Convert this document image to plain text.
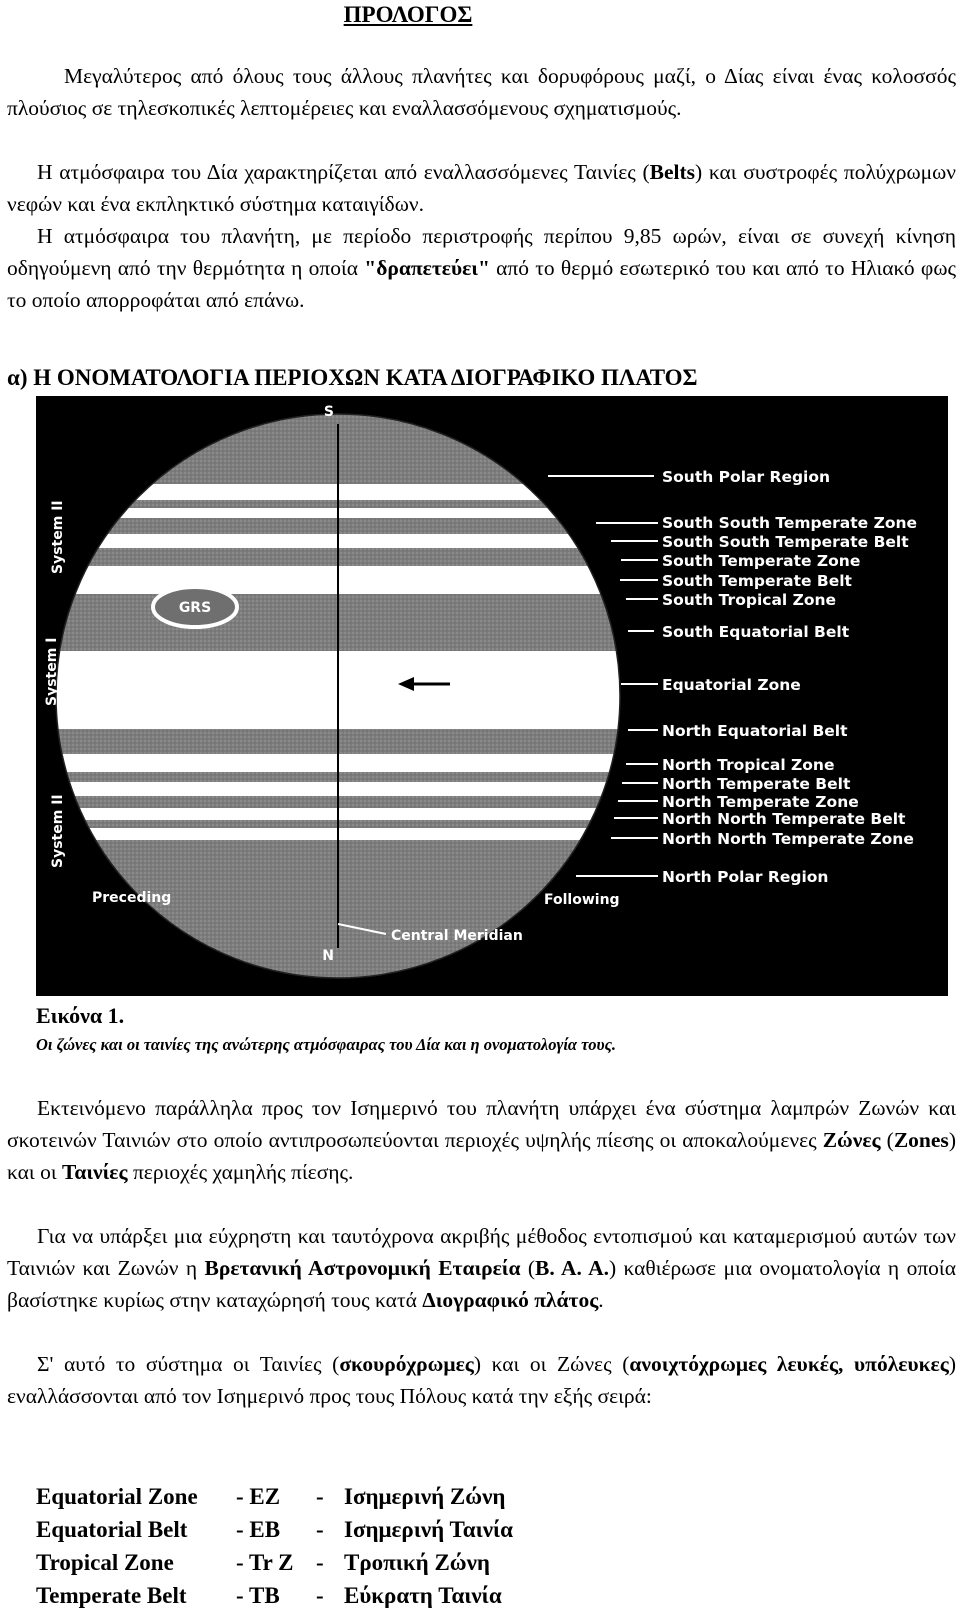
ΠΡΟΛΟΓΟΣ
Μεγαλύτερος από όλους τους άλλους πλανήτες και δορυφόρους μαζί, ο Δίας είναι ένας κολοσσός πλούσιος σε τηλεσκοπικές λεπτομέρειες και εναλλασσόμενους σχηματισμούς.
Η ατμόσφαιρα του Δία χαρακτηρίζεται από εναλλασσόμενες Ταινίες (Belts) και συστροφές πολύχρωμων νεφών και ένα εκπληκτικό σύστημα καταιγίδων.
Η ατμόσφαιρα του πλανήτη, με περίοδο περιστροφής περίπου 9,85 ωρών, είναι σε συνεχή κίνηση οδηγούμενη από την θερμότητα η οποία "δραπετεύει" από το θερμό εσωτερικό του και από το Ηλιακό φως το οποίο απορροφάται από επάνω.
α) Η ΟΝΟΜΑΤΟΛΟΓΙΑ ΠΕΡΙΟΧΩΝ ΚΑΤΑ ΔΙΟΓΡΑΦΙΚΟ ΠΛΑΤΟΣ
GRS
S
N
Central Meridian
E	W
Preceding	Following
System II
System I
System II
South Polar Region
South South Temperate Zone
South South Temperate Belt
South Temperate Zone
South Temperate Belt
South Tropical Zone
South Equatorial Belt
Equatorial Zone
North Equatorial Belt
North Tropical Zone
North Temperate Belt
North Temperate Zone
North North Temperate Belt
North North Temperate Zone
North Polar Region
Εικόνα 1.
Οι ζώνες και οι ταινίες της ανώτερης ατμόσφαιρας του Δία και η ονοματολογία τους.
Εκτεινόμενο παράλληλα προς τον Ισημερινό του πλανήτη υπάρχει ένα σύστημα λαμπρών Ζωνών και σκοτεινών Ταινιών στο οποίο αντιπροσωπεύονται περιοχές υψηλής πίεσης οι αποκαλούμενες Ζώνες (Zones) και οι Ταινίες περιοχές χαμηλής πίεσης.
Για να υπάρξει μια εύχρηστη και ταυτόχρονα ακριβής μέθοδος εντοπισμού και καταμερισμού αυτών των Ταινιών και Ζωνών η Βρετανική Αστρονομική Εταιρεία (B. A. A.) καθιέρωσε μια ονοματολογία η οποία βασίστηκε κυρίως στην καταχώρησή τους κατά Διογραφικό πλάτος.
Σ' αυτό το σύστημα οι Ταινίες (σκουρόχρωμες) και οι Ζώνες (ανοιχτόχρωμες λευκές, υπόλευκες) εναλλάσσονται από τον Ισημερινό προς τους Πόλους κατά την εξής σειρά:
Equatorial Zone	- EZ	- Ισημερινή Ζώνη
Equatorial Belt	- EB	- Ισημερινή Ταινία
Tropical Zone	- Tr Z - Τροπική Ζώνη
Temperate Belt	- TB	- Εύκρατη Ταινία
